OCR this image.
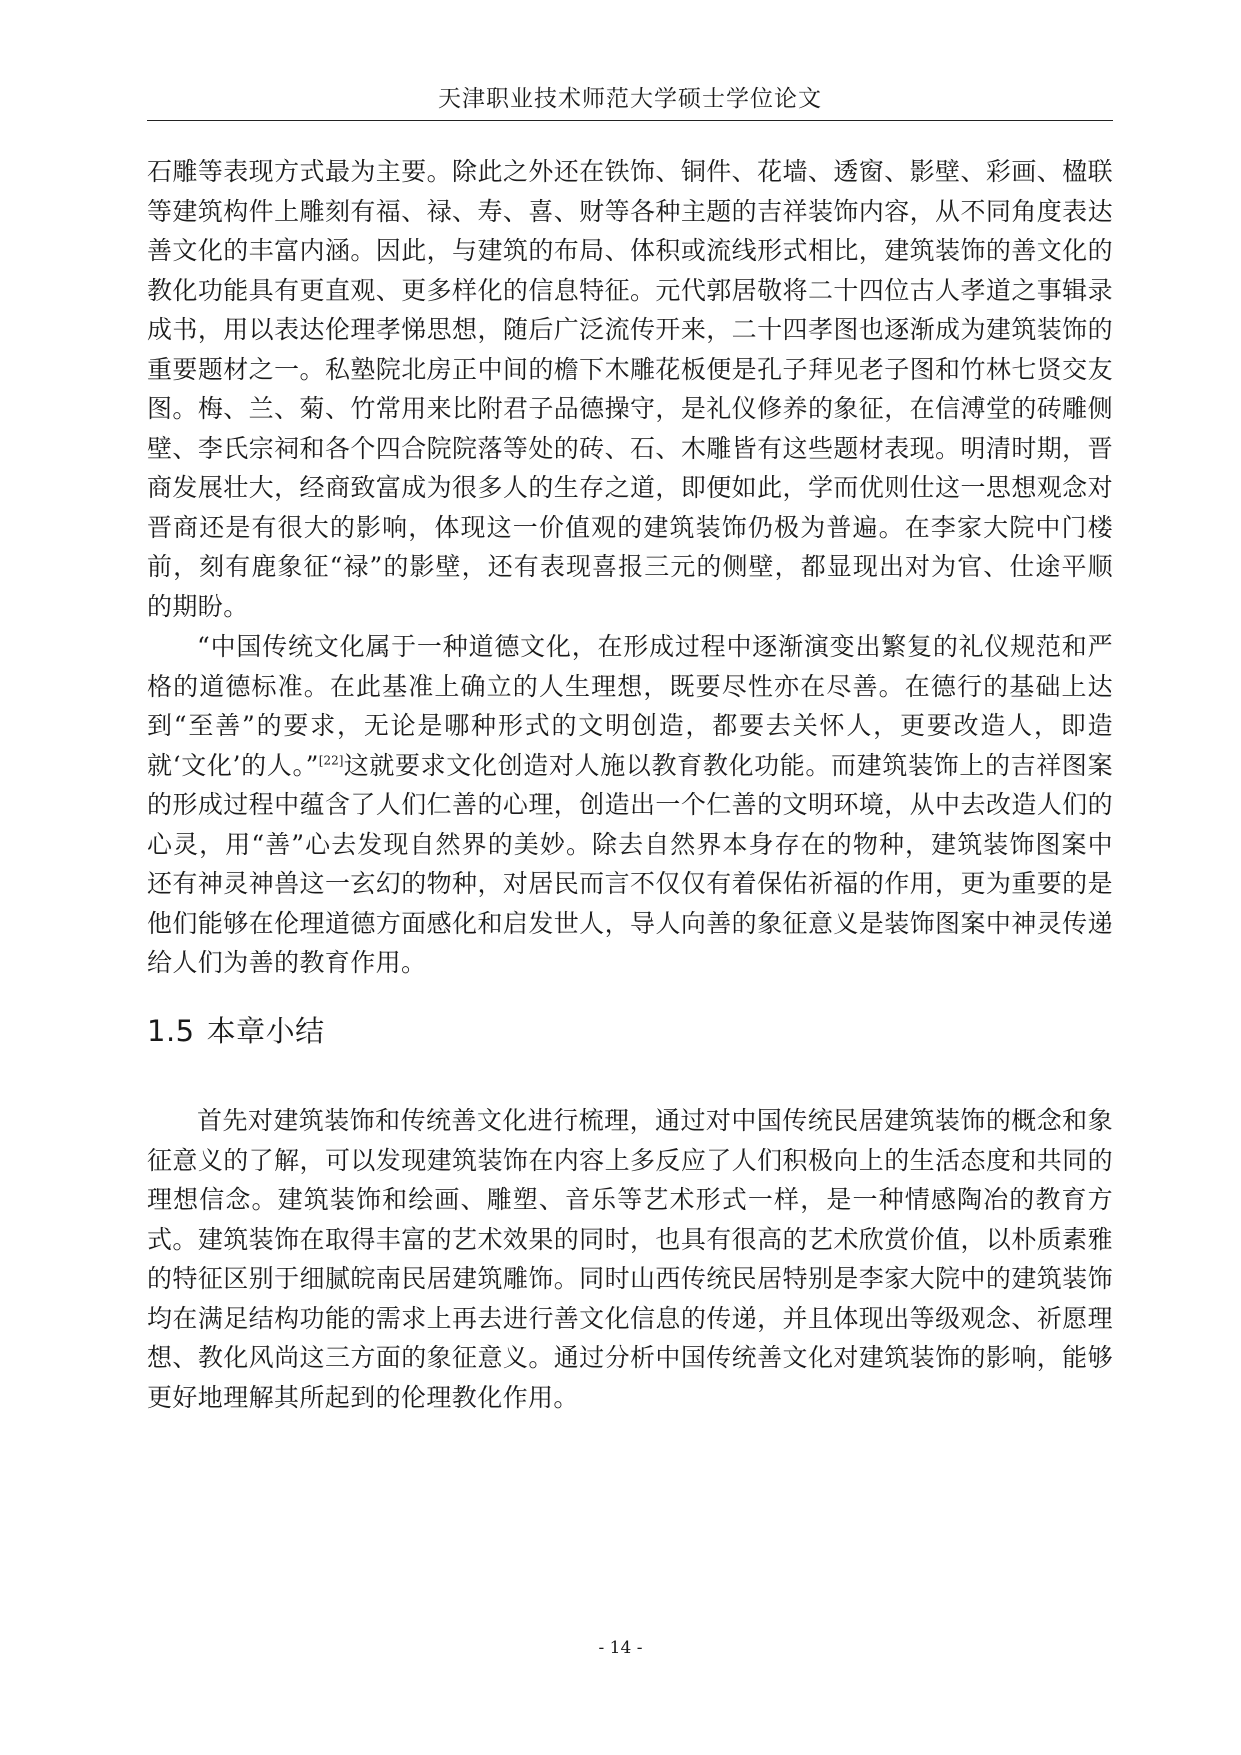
天津职业技术师范大学硕士学位论文

石雕等表现方式最为主要。除此之外还在铁饰、铜件、花墙、透窗、影壁、彩画、楹联等建筑构件上雕刻有福、禄、寿、喜、财等各种主题的吉祥装饰内容，从不同角度表达善文化的丰富内涵。因此，与建筑的布局、体积或流线形式相比，建筑装饰的善文化的教化功能具有更直观、更多样化的信息特征。元代郭居敬将二十四位古人孝道之事辑录成书，用以表达伦理孝悌思想，随后广泛流传开来，二十四孝图也逐渐成为建筑装饰的重要题材之一。私塾院北房正中间的檐下木雕花板便是孔子拜见老子图和竹林七贤交友图。梅、兰、菊、竹常用来比附君子品德操守，是礼仪修养的象征，在信溥堂的砖雕侧壁、李氏宗祠和各个四合院院落等处的砖、石、木雕皆有这些题材表现。明清时期，晋商发展壮大，经商致富成为很多人的生存之道，即便如此，学而优则仕这一思想观念对晋商还是有很大的影响，体现这一价值观的建筑装饰仍极为普遍。在李家大院中门楼前，刻有鹿象征“禄”的影壁，还有表现喜报三元的侧壁，都显现出对为官、仕途平顺的期盼。

“中国传统文化属于一种道德文化，在形成过程中逐渐演变出繁复的礼仪规范和严格的道德标准。在此基准上确立的人生理想，既要尽性亦在尽善。在德行的基础上达到“至善”的要求，无论是哪种形式的文明创造，都要去关怀人，更要改造人，即造就‘文化’的人。”[22]这就要求文化创造对人施以教育教化功能。而建筑装饰上的吉祥图案的形成过程中蕴含了人们仁善的心理，创造出一个仁善的文明环境，从中去改造人们的心灵，用“善”心去发现自然界的美妙。除去自然界本身存在的物种，建筑装饰图案中还有神灵神兽这一玄幻的物种，对居民而言不仅仅有着保佑祈福的作用，更为重要的是他们能够在伦理道德方面感化和启发世人，导人向善的象征意义是装饰图案中神灵传递给人们为善的教育作用。

1.5 本章小结

首先对建筑装饰和传统善文化进行梳理，通过对中国传统民居建筑装饰的概念和象征意义的了解，可以发现建筑装饰在内容上多反应了人们积极向上的生活态度和共同的理想信念。建筑装饰和绘画、雕塑、音乐等艺术形式一样，是一种情感陶冶的教育方式。建筑装饰在取得丰富的艺术效果的同时，也具有很高的艺术欣赏价值，以朴质素雅的特征区别于细腻皖南民居建筑雕饰。同时山西传统民居特别是李家大院中的建筑装饰均在满足结构功能的需求上再去进行善文化信息的传递，并且体现出等级观念、祈愿理想、教化风尚这三方面的象征意义。通过分析中国传统善文化对建筑装饰的影响，能够更好地理解其所起到的伦理教化作用。

- 14 -
